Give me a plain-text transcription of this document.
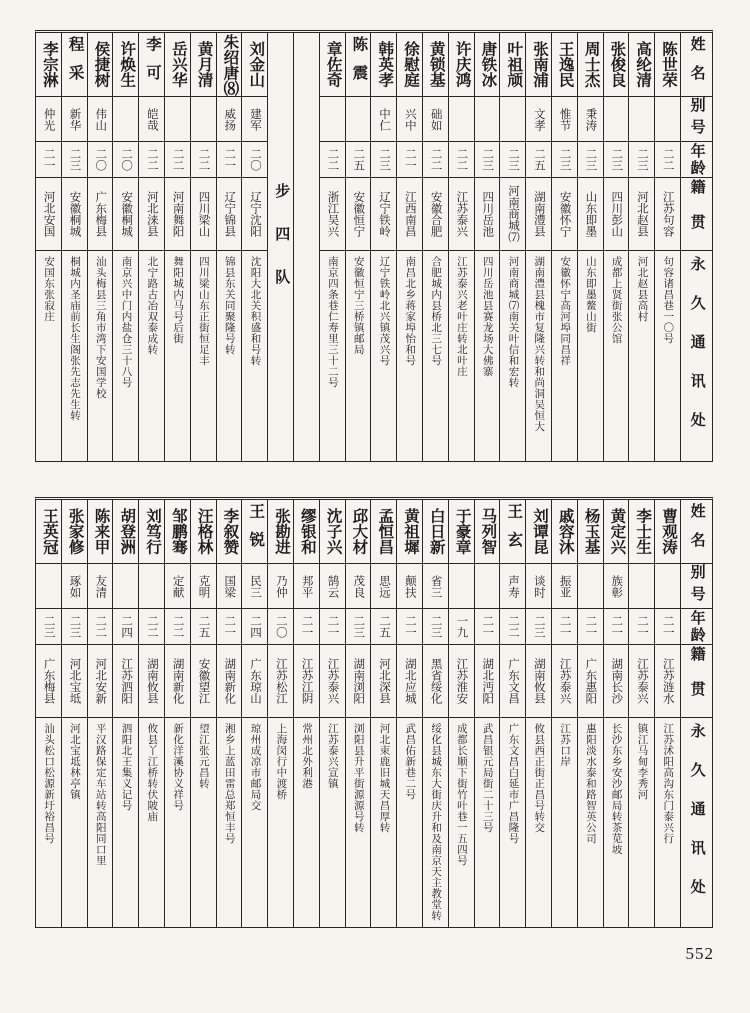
姓名
别号
年龄
籍贯
永久通讯处
陈世荣
二二
江苏句容
句容诸昌巷一〇号
高纶清
二三
河北赵县
河北赵县高村
张俊良
二三
四川彭山
成都上贤街张公馆
周士杰
秉涛
二三
山东即墨
山东即墨鳌山街
王逸民
惟节
二三
安徽怀宁
安徽怀宁高河埠同昌祥
张南浦
文孝
二五
湖南澧县
湖南澧县槐市复隆兴转和尚洞吴恒大
叶祖颃
二三
河南商城⑺
河南商城⑺南关叶信和宏转
唐铁冰
二三
四川岳池
四川岳池县赛龙场大佛寨
许庆鸿
二二
江苏泰兴
江苏泰兴老叶庄转北叶庄
黄锁基
础如
二二
安徽合肥
合肥城内县桥北三七号
徐慰庭
兴中
二一
江西南昌
南昌北乡蒋家埠怡和号
韩英孝
中仁
二三
辽宁铁岭
辽宁铁岭北兴镇茂兴号
陈震
二五
安徽恒宁
安徽恒宁三桥镇邮局
章佐奇
二二
浙江吴兴
南京四条巷仁寿里三十二号
步四队
刘金山
建军
二〇
辽宁沈阳
沈阳大北关积盛和号转
朱绍唐⑻
威扬
二一
辽宁锦县
锦县东关同聚隆号转
黄月清
二二
四川梁山
四川梁山东正街恒足丰
岳兴华
二二
河南舞阳
舞阳城内马号后街
李可
皑哉
二二
河北涞县
北宁路古冶双泰成转
许焕生
二〇
安徽桐城
南京兴中门内盐仓三十八号
侯捷树
伟山
二〇
广东梅县
汕头梅县三角市湾下安国学校
程采
新华
二三
安徽桐城
桐城内圣庙前长生阁张先志先生转
李宗淋
仲光
二一
河北安国
安国东张寂庄
姓名
别号
年龄
籍贯
永久通讯处
曹观涛
二一
江苏涟水
江苏沭阳高沟东门泰兴行
李士生
二一
江苏泰兴
镇江马甸李秀河
黄定兴
族彰
二一
湖南长沙
长沙东乡安沙邮局转茶苋坡
杨玉基
二一
广东惠阳
惠阳淡水泰和路智英公司
戚容沐
振亚
二一
江苏泰兴
江苏口岸
刘谭昆
谈时
二三
湖南攸县
攸县西正街正昌号转交
王玄
声寿
二二
广东文昌
广东文昌白延市广昌隆号
马列智
二一
湖北沔阳
武昌银元局街二十三号
于豪章
一九
江苏淮安
成都长顺下街竹叶巷一五四号
白日新
省三
二三
黑省绥化
绥化县城东大街庆升和及南京天主教堂转
黄祖墀
颠扶
二一
湖北应城
武昌佑新巷二号
孟恒昌
思远
二五
河北深县
河北束鹿旧城天昌厚转
邱大材
茂良
二三
湖南浏阳
浏阳县升平街源源号转
沈子兴
鹄云
二一
江苏泰兴
江苏泰兴宣镇
缪银和
邦平
二一
江苏江阴
常州北外利港
张勘进
乃仲
二〇
江苏松江
上海闵行中渡桥
王锐
民三
二四
广东琼山
琼州成凉市邮局交
李叙赞
国梁
二一
湖南新化
湘乡上蓝田雷总郑恒丰号
汪格林
克明
二五
安徽望江
望江张元昌转
邹鹏骞
定献
二二
湖南新化
新化洋溪协义祥号
刘笃行
二二
湖南攸县
攸县丫江桥转伏陂庙
胡登洲
二四
江苏泗阳
泗阳北王集义记号
陈来甲
友清
二二
河北安新
平汉路保定车站转高阳同口里
张家修
琢如
二三
河北宝坻
河北宝坻林亭镇
王英冠
二三
广东梅县
汕头松口松源新圩裕昌号
552
